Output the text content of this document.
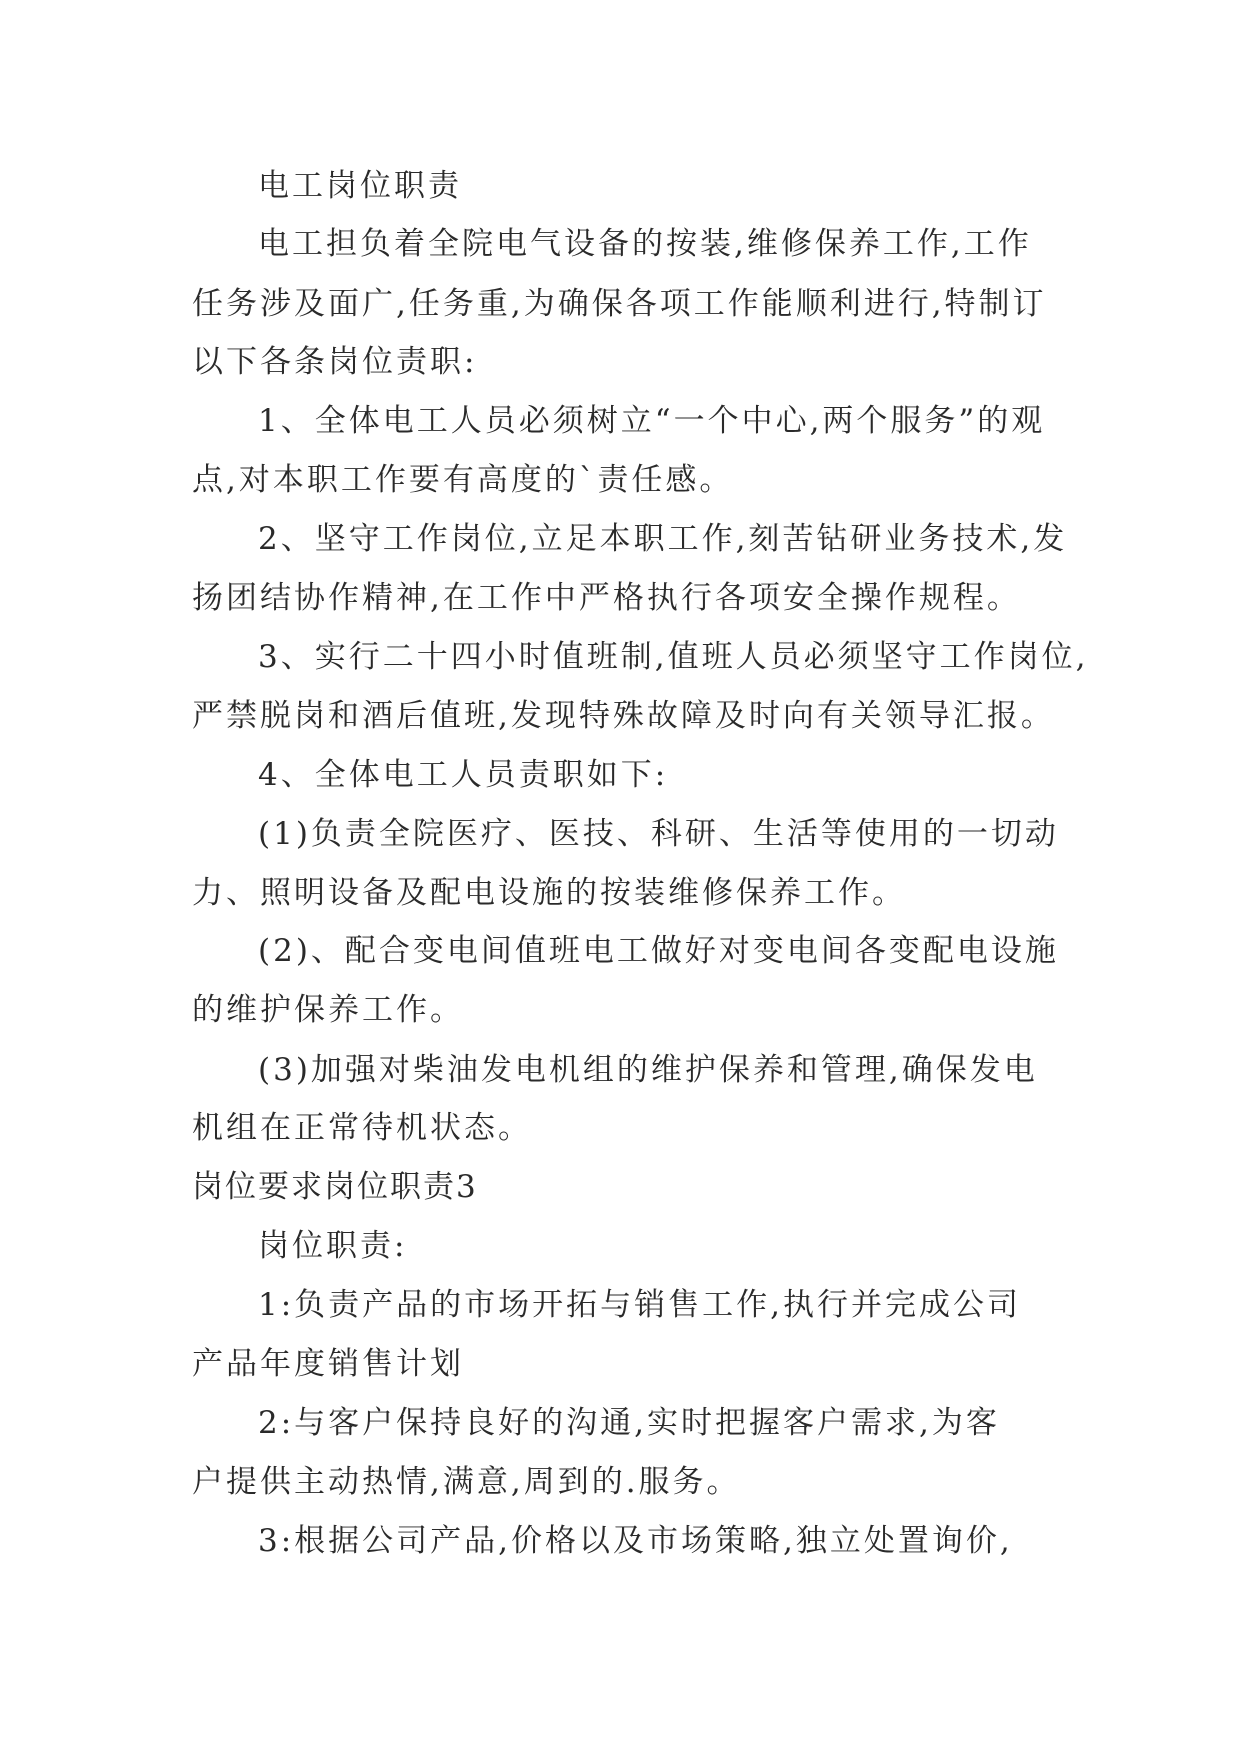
电工岗位职责
电工担负着全院电气设备的按装,维修保养工作,工作
任务涉及面广,任务重,为确保各项工作能顺利进行,特制订
以下各条岗位责职:
1、全体电工人员必须树立“一个中心,两个服务”的观
点,对本职工作要有高度的`责任感。
2、坚守工作岗位,立足本职工作,刻苦钻研业务技术,发
扬团结协作精神,在工作中严格执行各项安全操作规程。
3、实行二十四小时值班制,值班人员必须坚守工作岗位,
严禁脱岗和酒后值班,发现特殊故障及时向有关领导汇报。
4、全体电工人员责职如下:
(1)负责全院医疗、医技、科研、生活等使用的一切动
力、照明设备及配电设施的按装维修保养工作。
(2)、配合变电间值班电工做好对变电间各变配电设施
的维护保养工作。
(3)加强对柴油发电机组的维护保养和管理,确保发电
机组在正常待机状态。
岗位要求岗位职责3
岗位职责:
1:负责产品的市场开拓与销售工作,执行并完成公司
产品年度销售计划
2:与客户保持良好的沟通,实时把握客户需求,为客
户提供主动热情,满意,周到的.服务。
3:根据公司产品,价格以及市场策略,独立处置询价,
